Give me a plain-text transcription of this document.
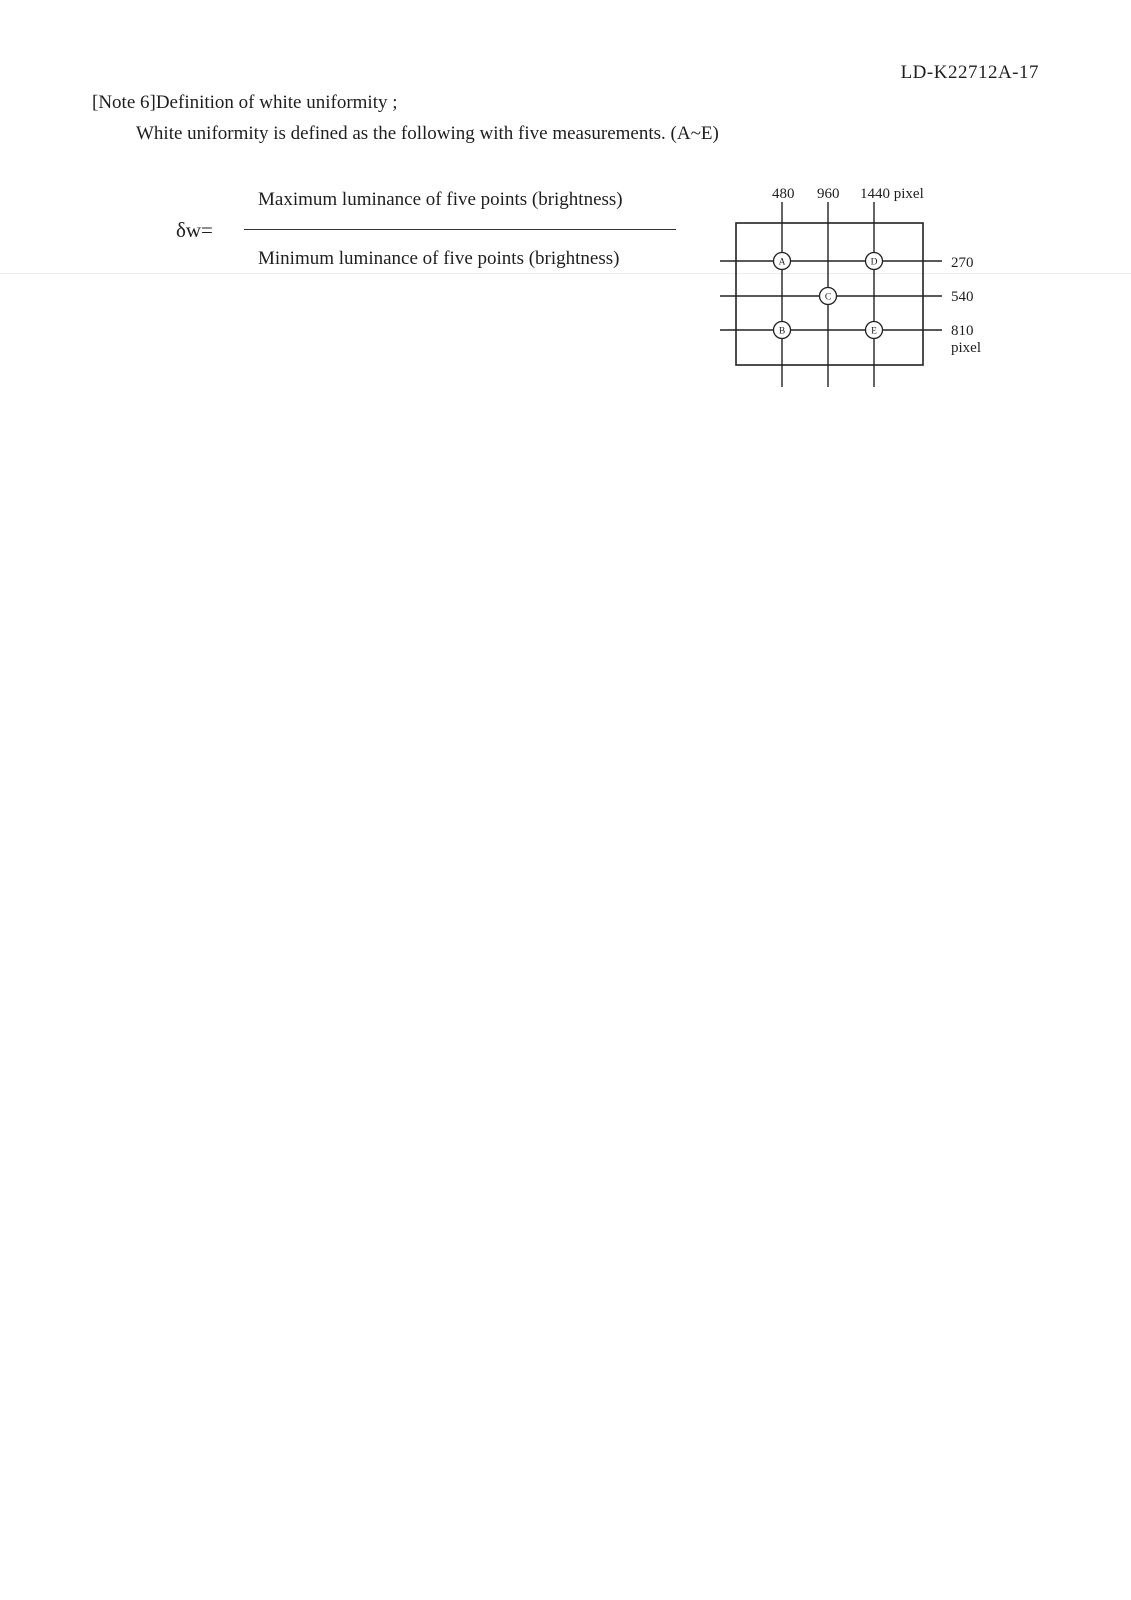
LD-K22712A-17
[Note 6]Definition of white uniformity ;
White uniformity is defined as the following with five measurements. (A~E)
δw=
Maximum luminance of five points (brightness)
Minimum luminance of five points (brightness)
480 960 1440 pixel
270
540
810
pixel
A
B
C
D
E
